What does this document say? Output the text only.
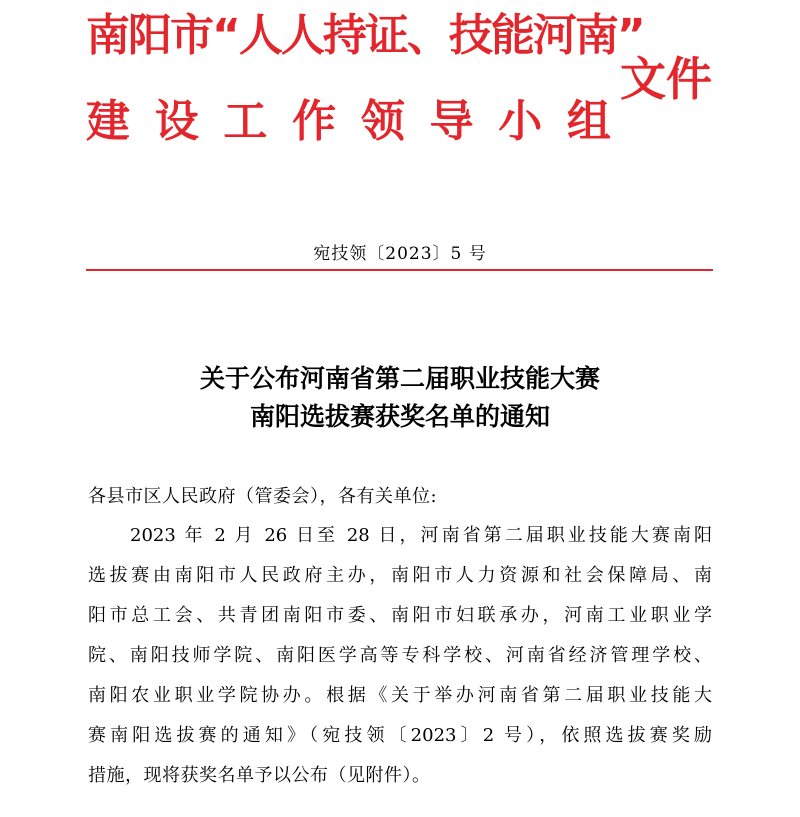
南阳市“人人持证、技能河南”
建 设 工 作 领 导 小 组
文件
宛技领〔2023〕5 号
关于公布河南省第二届职业技能大赛
南阳选拔赛获奖名单的通知
各县市区人民政府（管委会），各有关单位:
2023 年 2 月 26 日至 28 日，河南省第二届职业技能大赛南阳
选拔赛由南阳市人民政府主办，南阳市人力资源和社会保障局、南
阳市总工会、共青团南阳市委、南阳市妇联承办，河南工业职业学
院、南阳技师学院、南阳医学高等专科学校、河南省经济管理学校、
南阳农业职业学院协办。根据《关于举办河南省第二届职业技能大
赛南阳选拔赛的通知》（宛技领〔2023〕2 号），依照选拔赛奖励
措施，现将获奖名单予以公布（见附件）。
